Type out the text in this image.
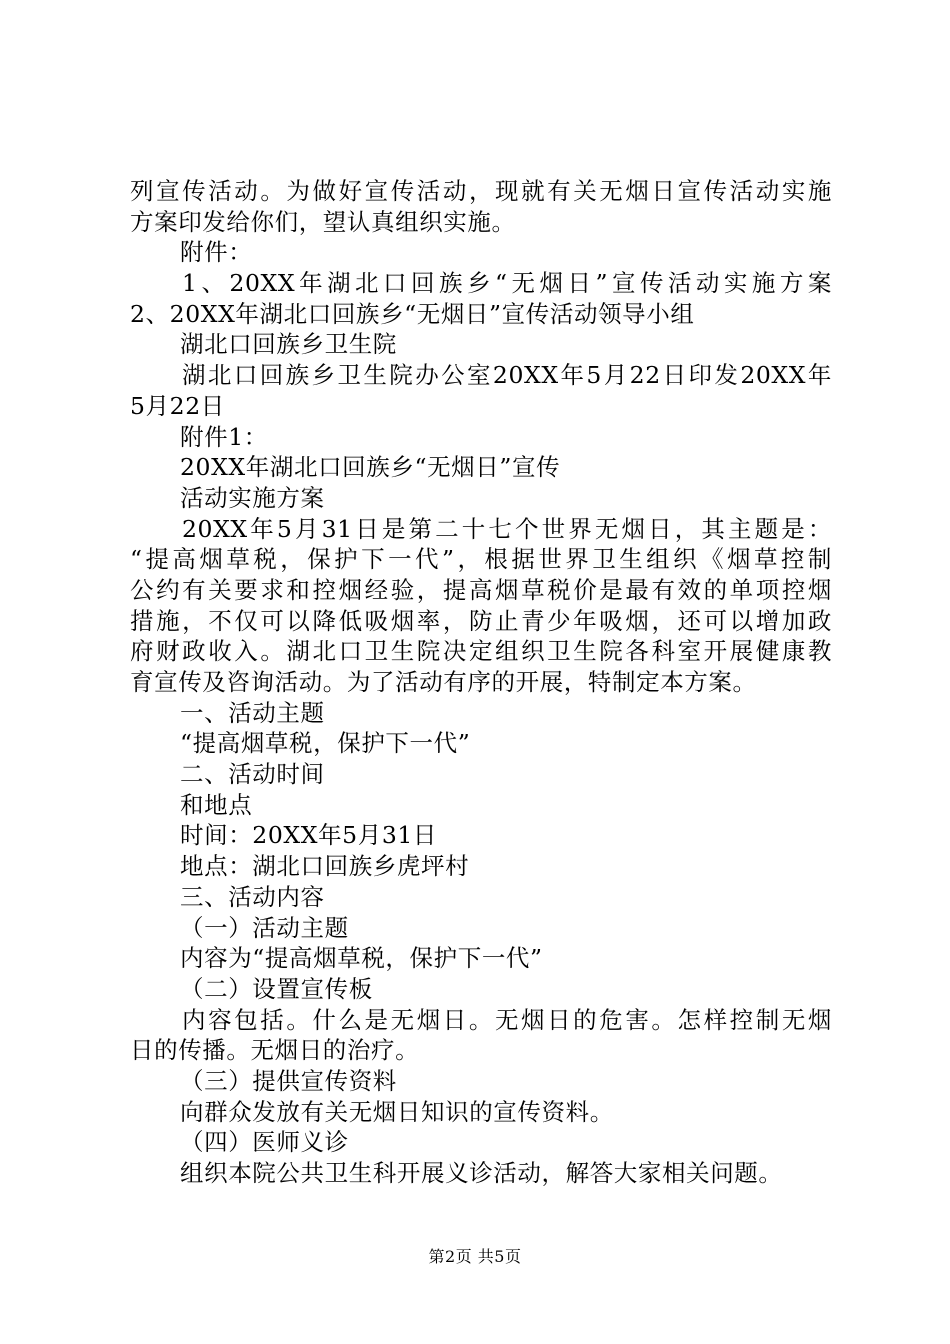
列宣传活动。为做好宣传活动，现就有关无烟日宣传活动实施
方案印发给你们，望认真组织实施。
附件：
1、20XX年湖北口回族乡“无烟日”宣传活动实施方案
2、20XX年湖北口回族乡“无烟日”宣传活动领导小组
湖北口回族乡卫生院
湖北口回族乡卫生院办公室20XX年5月22日印发20XX年
5月22日
附件1：
20XX年湖北口回族乡“无烟日”宣传
活动实施方案
20XX年5月31日是第二十七个世界无烟日，其主题是：
“提高烟草税，保护下一代”，根据世界卫生组织《烟草控制
公约有关要求和控烟经验，提高烟草税价是最有效的单项控烟
措施，不仅可以降低吸烟率，防止青少年吸烟，还可以增加政
府财政收入。湖北口卫生院决定组织卫生院各科室开展健康教
育宣传及咨询活动。为了活动有序的开展，特制定本方案。
一、活动主题
“提高烟草税，保护下一代”
二、活动时间
和地点
时间：20XX年5月31日
地点：湖北口回族乡虎坪村
三、活动内容
（一）活动主题
内容为“提高烟草税，保护下一代”
（二）设置宣传板
内容包括。什么是无烟日。无烟日的危害。怎样控制无烟
日的传播。无烟日的治疗。
（三）提供宣传资料
向群众发放有关无烟日知识的宣传资料。
（四）医师义诊
组织本院公共卫生科开展义诊活动，解答大家相关问题。
第2页 共5页
